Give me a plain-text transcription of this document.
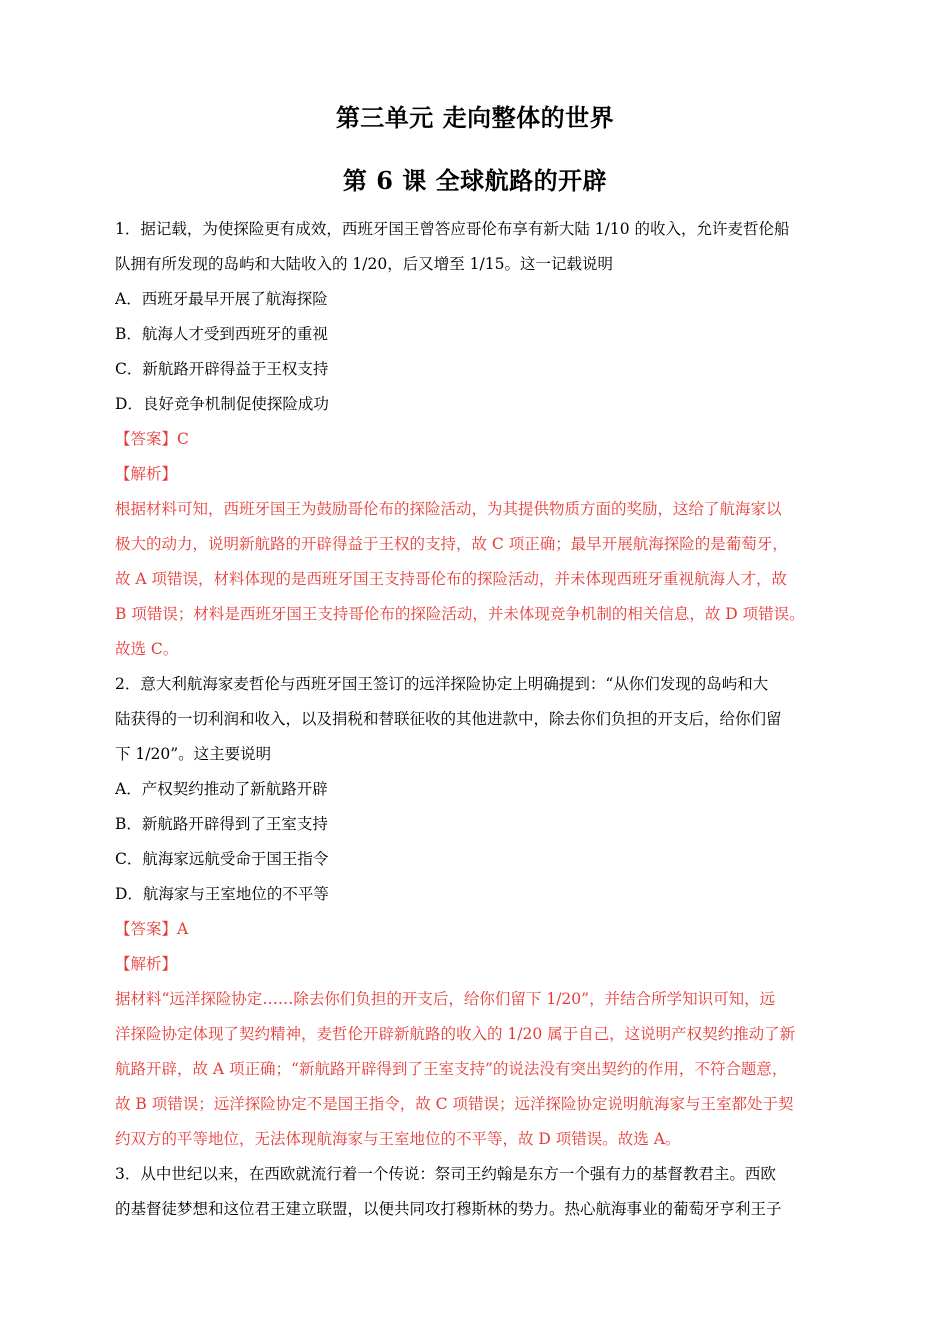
第三单元 走向整体的世界
第 6 课 全球航路的开辟
1．据记载，为使探险更有成效，西班牙国王曾答应哥伦布享有新大陆 1/10 的收入，允许麦哲伦船
队拥有所发现的岛屿和大陆收入的 1/20，后又增至 1/15。这一记载说明
A．西班牙最早开展了航海探险
B．航海人才受到西班牙的重视
C．新航路开辟得益于王权支持
D．良好竞争机制促使探险成功
【答案】C
【解析】
根据材料可知，西班牙国王为鼓励哥伦布的探险活动，为其提供物质方面的奖励，这给了航海家以
极大的动力，说明新航路的开辟得益于王权的支持，故 C 项正确；最早开展航海探险的是葡萄牙，
故 A 项错误，材料体现的是西班牙国王支持哥伦布的探险活动，并未体现西班牙重视航海人才，故
B 项错误；材料是西班牙国王支持哥伦布的探险活动，并未体现竞争机制的相关信息，故 D 项错误。
故选 C。
2．意大利航海家麦哲伦与西班牙国王签订的远洋探险协定上明确提到：“从你们发现的岛屿和大
陆获得的一切利润和收入，以及捐税和替联征收的其他进款中，除去你们负担的开支后，给你们留
下 1/20”。这主要说明
A．产权契约推动了新航路开辟
B．新航路开辟得到了王室支持
C．航海家远航受命于国王指令
D．航海家与王室地位的不平等
【答案】A
【解析】
据材料“远洋探险协定……除去你们负担的开支后，给你们留下 1/20”，并结合所学知识可知，远
洋探险协定体现了契约精神，麦哲伦开辟新航路的收入的 1/20 属于自己，这说明产权契约推动了新
航路开辟，故 A 项正确；“新航路开辟得到了王室支持”的说法没有突出契约的作用，不符合题意，
故 B 项错误；远洋探险协定不是国王指令，故 C 项错误；远洋探险协定说明航海家与王室都处于契
约双方的平等地位，无法体现航海家与王室地位的不平等，故 D 项错误。故选 A。
3．从中世纪以来，在西欧就流行着一个传说：祭司王约翰是东方一个强有力的基督教君主。西欧
的基督徒梦想和这位君王建立联盟，以便共同攻打穆斯林的势力。热心航海事业的葡萄牙亨利王子
